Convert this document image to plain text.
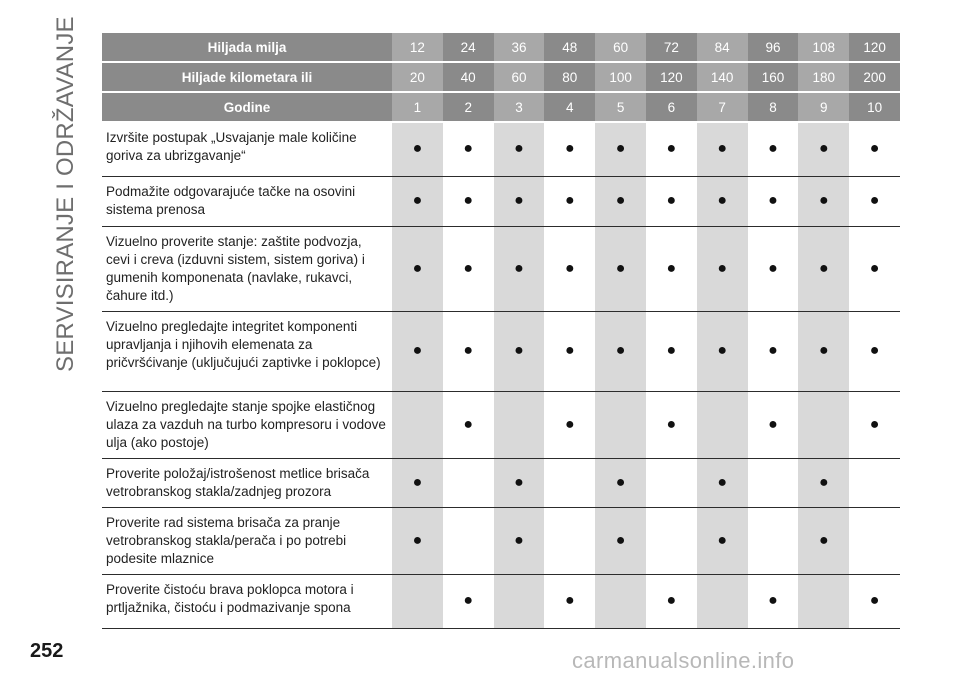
SERVISIRANJE I ODRŽAVANJE	Hiljada milja	12	24	36	48	60	72	84	96	108	120
Hiljade kilometara ili	20	40	60	80	100	120	140	160	180	200
Godine	1	2	3	4	5	6	7	8	9	10
Izvršite postupak „Usvajanje male količine goriva za ubrizgavanje“	●	●	●	●	●	●	●	●	●	●
Podmažite odgovarajuće tačke na osovini sistema prenosa	●	●	●	●	●	●	●	●	●	●
Vizuelno proverite stanje: zaštite podvozja, cevi i creva (izduvni sistem, sistem goriva) i gumenih komponenata (navlake, rukavci, čahure itd.)	●	●	●	●	●	●	●	●	●	●
Vizuelno pregledajte integritet komponenti upravljanja i njihovih elemenata za pričvršćivanje (uključujući zaptivke i poklopce)	●	●	●	●	●	●	●	●	●	●
Vizuelno pregledajte stanje spojke elastičnog ulaza za vazduh na turbo kompresoru i vodove ulja (ako postoje)		●		●		●		●		●
Proverite položaj/istrošenost metlice brisača vetrobranskog stakla/zadnjeg prozora	●		●		●		●		●	
Proverite rad sistema brisača za pranje vetrobranskog stakla/perača i po potrebi podesite mlaznice	●		●		●		●		●	
Proverite čistoću brava poklopca motora i prtljažnika, čistoću i podmazivanje spona		●		●		●		●		●
252	carmanualsonline.info
